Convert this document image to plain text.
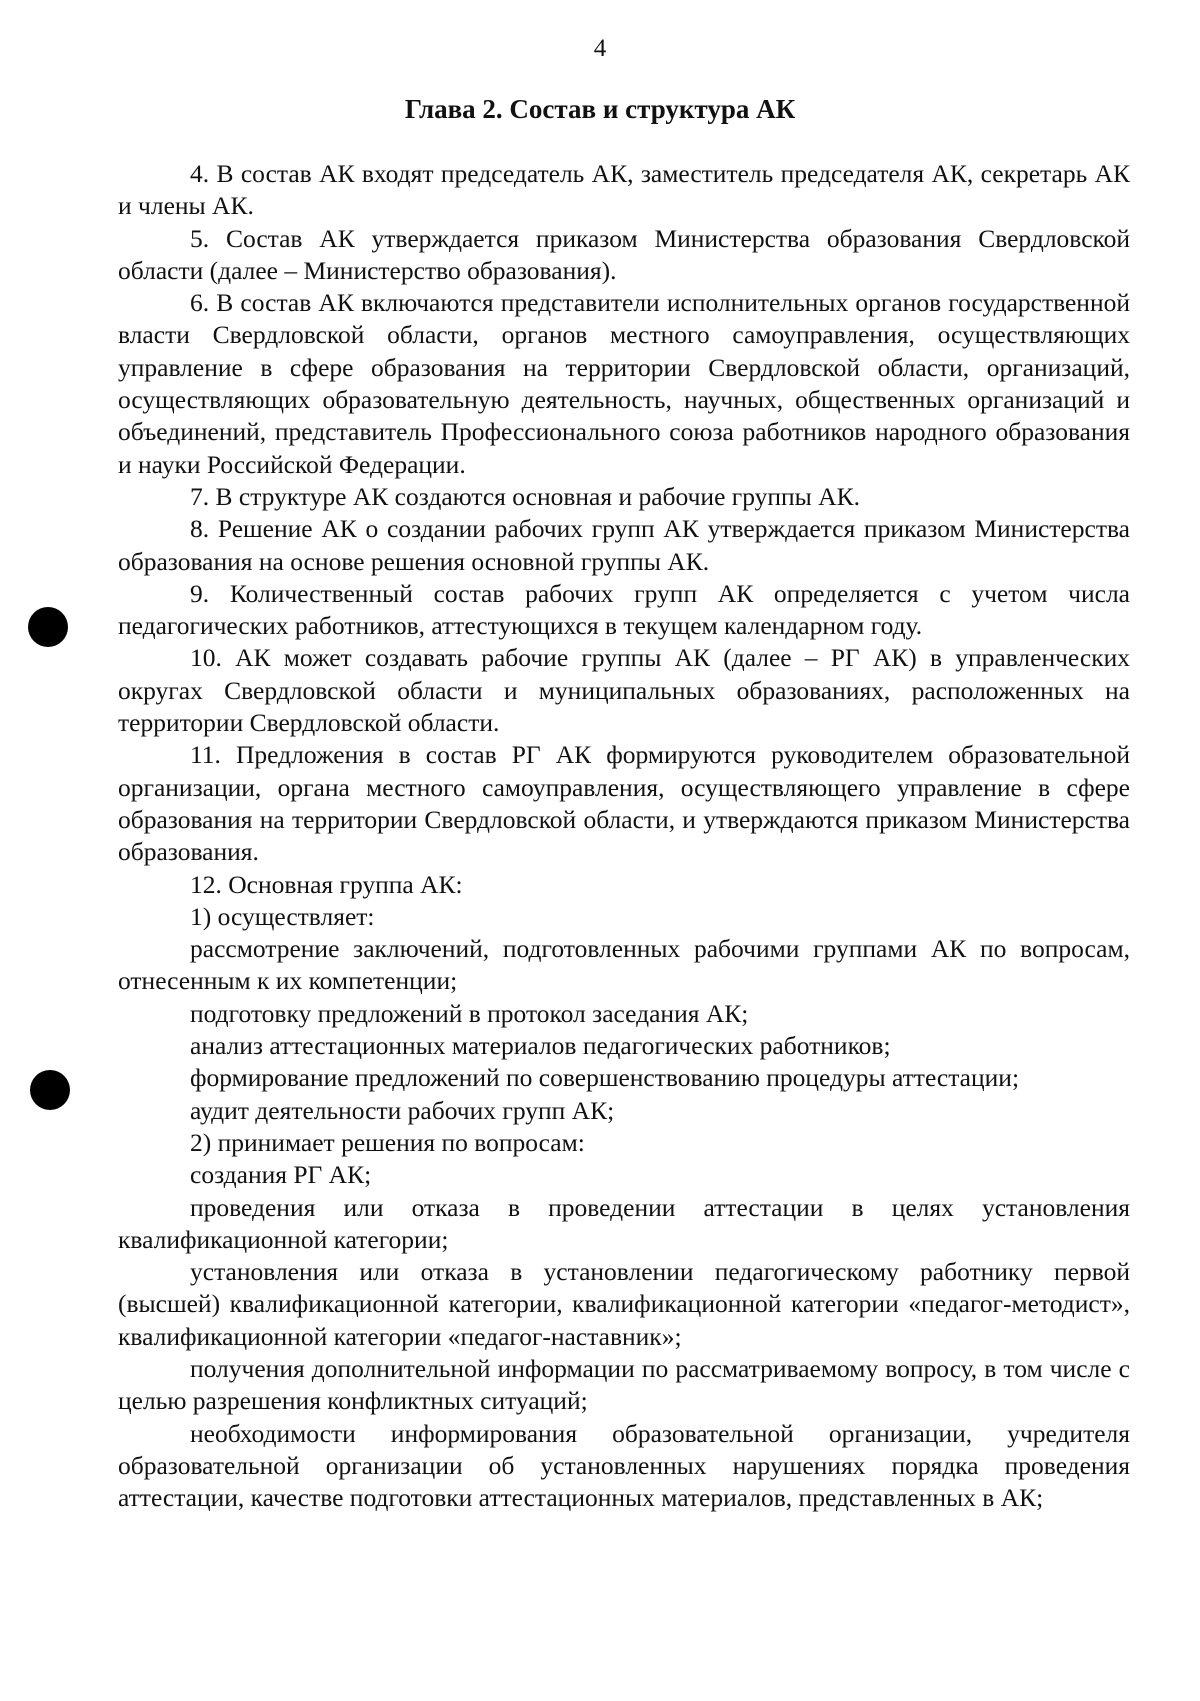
4
Глава 2. Состав и структура АК

4. В состав АК входят председатель АК, заместитель председателя АК, секретарь АК и члены АК.

5. Состав АК утверждается приказом Министерства образования Свердловской области (далее – Министерство образования).

6. В состав АК включаются представители исполнительных органов государственной власти Свердловской области, органов местного самоуправления, осуществляющих управление в сфере образования на территории Свердловской области, организаций, осуществляющих образовательную деятельность, научных, общественных организаций и объединений, представитель Профессионального союза работников народного образования и науки Российской Федерации.

7. В структуре АК создаются основная и рабочие группы АК.

8. Решение АК о создании рабочих групп АК утверждается приказом Министерства образования на основе решения основной группы АК.

9. Количественный состав рабочих групп АК определяется с учетом числа педагогических работников, аттестующихся в текущем календарном году.

10. АК может создавать рабочие группы АК (далее – РГ АК) в управленческих округах Свердловской области и муниципальных образованиях, расположенных на территории Свердловской области.

11. Предложения в состав РГ АК формируются руководителем образовательной организации, органа местного самоуправления, осуществляющего управление в сфере образования на территории Свердловской области, и утверждаются приказом Министерства образования.

12. Основная группа АК:

1) осуществляет:

рассмотрение заключений, подготовленных рабочими группами АК по вопросам, отнесенным к их компетенции;

подготовку предложений в протокол заседания АК;

анализ аттестационных материалов педагогических работников;

формирование предложений по совершенствованию процедуры аттестации;

аудит деятельности рабочих групп АК;

2) принимает решения по вопросам:

создания РГ АК;

проведения или отказа в проведении аттестации в целях установления квалификационной категории;

установления или отказа в установлении педагогическому работнику первой (высшей) квалификационной категории, квалификационной категории «педагог-методист», квалификационной категории «педагог-наставник»;

получения дополнительной информации по рассматриваемому вопросу, в том числе с целью разрешения конфликтных ситуаций;

необходимости информирования образовательной организации, учредителя образовательной организации об установленных нарушениях порядка проведения аттестации, качестве подготовки аттестационных материалов, представленных в АК;
